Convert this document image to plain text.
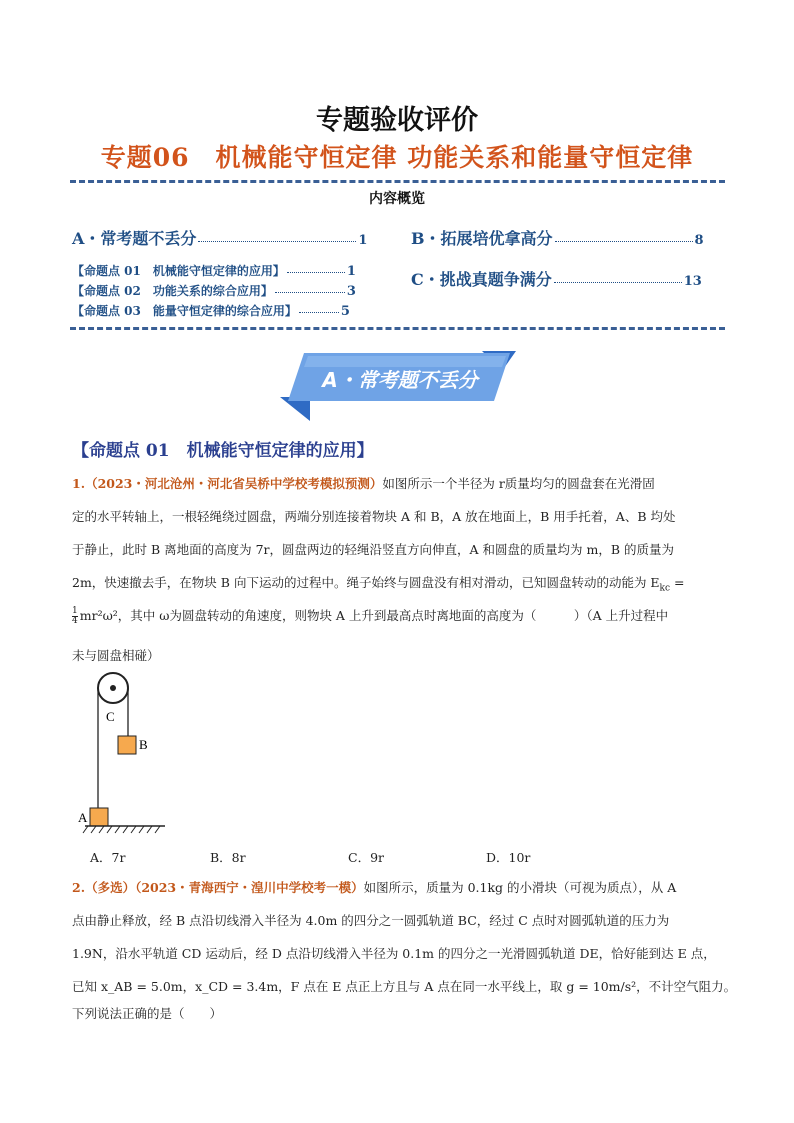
专题验收评价
专题06　机械能守恒定律 功能关系和能量守恒定律
内容概览
A・常考题不丢分	1	B・拓展培优拿高分	8
C・挑战真题争满分	13
【命题点 01　机械能守恒定律的应用】	1
【命题点 02　功能关系的综合应用】	3
【命题点 03　能量守恒定律的综合应用】	5
A・常考题不丢分
【命题点 01　机械能守恒定律的应用】
1.（2023・河北沧州・河北省吴桥中学校考模拟预测）如图所示一个半径为 r质量均匀的圆盘套在光滑固
定的水平转轴上，一根轻绳绕过圆盘，两端分别连接着物块 A 和 B，A 放在地面上，B 用手托着，A、B 均处
于静止，此时 B 离地面的高度为 7r，圆盘两边的轻绳沿竖直方向伸直，A 和圆盘的质量均为 m，B 的质量为
2m，快速撤去手，在物块 B 向下运动的过程中。绳子始终与圆盘没有相对滑动，已知圆盘转动的动能为 $E_{kc}$ =
$\frac{1}{4} mr^2\omega^2$，其中 ω为圆盘转动的角速度，则物块 A 上升到最高点时离地面的高度为（　　　）（A 上升过程中
未与圆盘相碰）
C
B
A
A．7r	B．8r	C．9r	D．10r
2.（多选）（2023・青海西宁・湟川中学校考一模）如图所示，质量为 0.1kg 的小滑块（可视为质点），从 A
点由静止释放，经 B 点沿切线滑入半径为 4.0m 的四分之一圆弧轨道 BC，经过 C 点时对圆弧轨道的压力为
1.9N，沿水平轨道 CD 运动后，经 D 点沿切线滑入半径为 0.1m 的四分之一光滑圆弧轨道 DE，恰好能到达 E 点，
已知 x_AB = 5.0m，x_CD = 3.4m，F 点在 E 点正上方且与 A 点在同一水平线上，取 g = 10m/s²，不计空气阻力。
下列说法正确的是（　　）
